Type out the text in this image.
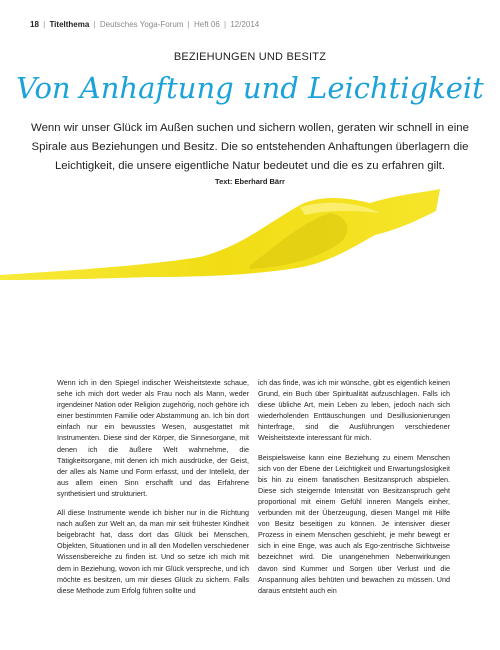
18 | Titelthema | Deutsches Yoga-Forum | Heft 06 | 12/2014
BEZIEHUNGEN UND BESITZ
Von Anhaftung und Leichtigkeit
Wenn wir unser Glück im Außen suchen und sichern wollen, geraten wir schnell in eine Spirale aus Beziehungen und Besitz. Die so entstehenden Anhaftungen überlagern die Leichtigkeit, die unsere eigentliche Natur bedeutet und die es zu erfahren gilt.
Text: Eberhard Bärr

Wenn ich in den Spiegel indischer Weisheitstexte schaue, sehe ich mich dort weder als Frau noch als Mann, weder irgendeiner Nation oder Religion zugehörig, noch gehöre ich einer bestimmten Familie oder Abstammung an. Ich bin dort einfach nur ein bewusstes Wesen, ausgestattet mit Instrumenten. Diese sind der Körper, die Sinnesorgane, mit denen ich die äußere Welt wahrnehme, die Tätigkeitsorgane, mit denen ich mich ausdrücke, der Geist, der alles als Name und Form erfasst, und der Intellekt, der aus allem einen Sinn erschafft und das Erfahrene synthetisiert und strukturiert.

All diese Instrumente wende ich bisher nur in die Richtung nach außen zur Welt an, da man mir seit frühester Kindheit beigebracht hat, dass dort das Glück bei Menschen, Objekten, Situationen und in all den Modellen verschiedener Wissensbereiche zu finden ist. Und so setze ich mich mit dem in Beziehung, wovon ich mir Glück verspreche, und ich möchte es besitzen, um mir dieses Glück zu sichern. Falls diese Methode zum Erfolg führen sollte und

ich das finde, was ich mir wünsche, gibt es eigentlich keinen Grund, ein Buch über Spiritualität aufzuschlagen. Falls ich diese übliche Art, mein Leben zu leben, jedoch nach sich wiederholenden Enttäuschungen und Desillusionierungen hinterfrage, sind die Ausführungen verschiedener Weisheitstexte interessant für mich.

Beispielsweise kann eine Beziehung zu einem Menschen sich von der Ebene der Leichtigkeit und Erwartungslosigkeit bis hin zu einem fanatischen Besitzanspruch abspielen. Diese sich steigernde Intensität von Besitzanspruch geht proportional mit einem Gefühl inneren Mangels einher, verbunden mit der Überzeugung, diesen Mangel mit Hilfe von Besitz beseitigen zu können. Je intensiver dieser Prozess in einem Menschen geschieht, je mehr bewegt er sich in eine Enge, was auch als Ego-zentrische Sichtweise bezeichnet wird. Die unangenehmen Nebenwirkungen davon sind Kummer und Sorgen über Verlust und die Anspannung alles behüten und bewachen zu müssen. Und daraus entsteht auch ein
